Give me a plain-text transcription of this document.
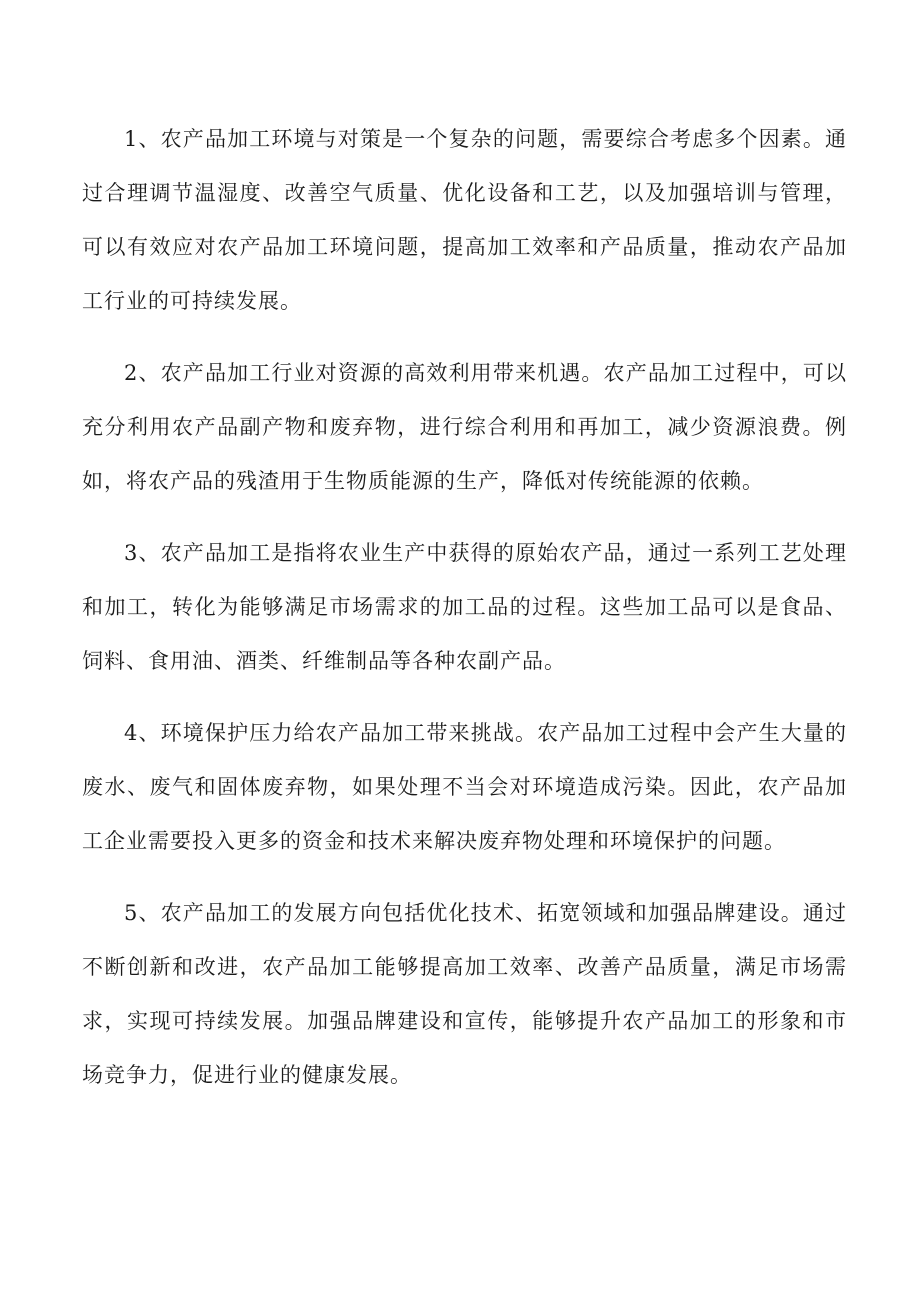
1、农产品加工环境与对策是一个复杂的问题，需要综合考虑多个因素。通过合理调节温湿度、改善空气质量、优化设备和工艺，以及加强培训与管理，可以有效应对农产品加工环境问题，提高加工效率和产品质量，推动农产品加工行业的可持续发展。

2、农产品加工行业对资源的高效利用带来机遇。农产品加工过程中，可以充分利用农产品副产物和废弃物，进行综合利用和再加工，减少资源浪费。例如，将农产品的残渣用于生物质能源的生产，降低对传统能源的依赖。

3、农产品加工是指将农业生产中获得的原始农产品，通过一系列工艺处理和加工，转化为能够满足市场需求的加工品的过程。这些加工品可以是食品、饲料、食用油、酒类、纤维制品等各种农副产品。

4、环境保护压力给农产品加工带来挑战。农产品加工过程中会产生大量的废水、废气和固体废弃物，如果处理不当会对环境造成污染。因此，农产品加工企业需要投入更多的资金和技术来解决废弃物处理和环境保护的问题。

5、农产品加工的发展方向包括优化技术、拓宽领域和加强品牌建设。通过不断创新和改进，农产品加工能够提高加工效率、改善产品质量，满足市场需求，实现可持续发展。加强品牌建设和宣传，能够提升农产品加工的形象和市场竞争力，促进行业的健康发展。
